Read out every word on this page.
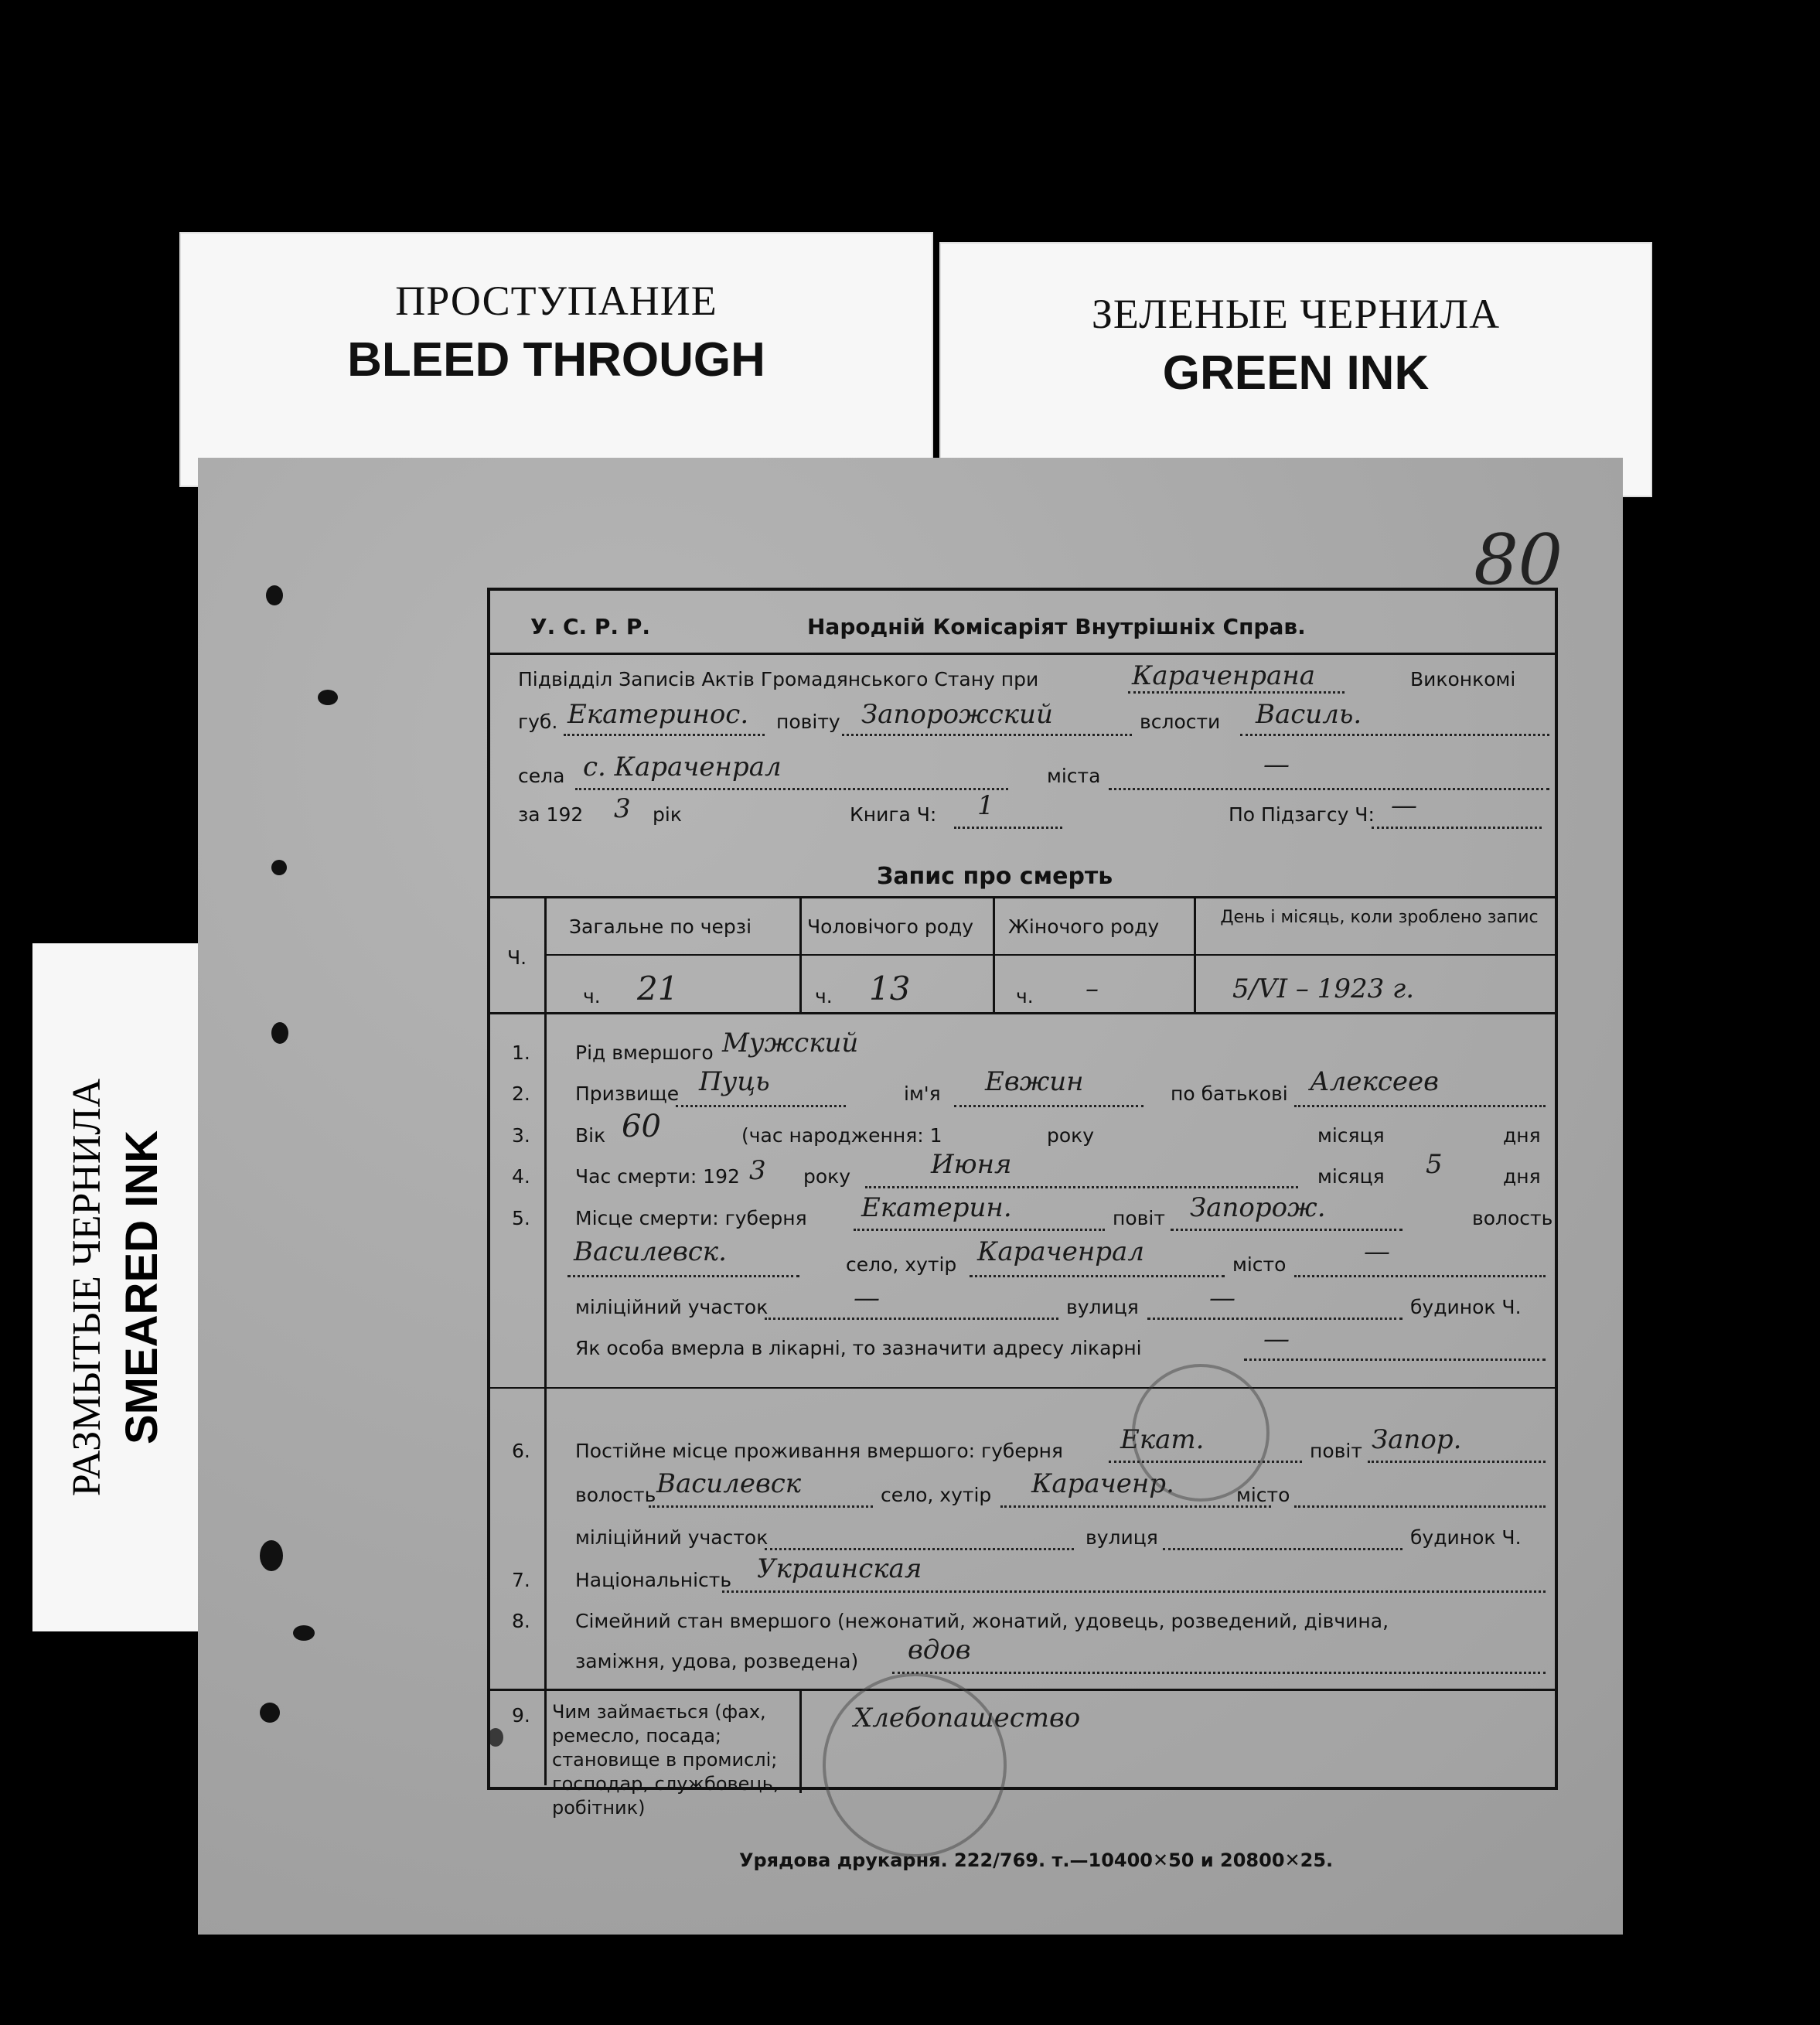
ПРОСТУПАНИЕ
BLEED THROUGH
ЗЕЛЕНЫЕ ЧЕРНИЛА
GREEN INK
РАЗМЫТЫЕ ЧЕРНИЛА SMEARED INK
80
У. С. Р. Р.	Народній Комісаріят Внутрішніх Справ.
Підвідділ Записів Актів Громадянського Стану при	Караченрана	Виконкомі
губ. Екатеринос. повіту Запорожский	вслости Василь.
села с. Караченрал	міста	—
за 192 3 рік	Книга Ч: 1	По Підзагсу Ч: —
Запис про смерть
Ч.
Загальне по черзі	Чоловічого роду Жіночого роду	День і місяць, коли зроблено запис
ч. 21	ч. 13	ч. –	5/VI – 1923 г.
1. Рід вмершого Мужский
2. Призвище Пуць	ім'я Евжин	по батькові Алексеев
3. Вік 60	(час народження: 1	року	місяця	дня
4. Час смерти: 192 3 року	Июня	місяця 5	дня
5. Місце смерти: губерня Екатерин.	повіт Запорож.	волость
Василевск.	село, хутір Караченрал	місто	—
міліційний участок	—	вулиця	—	будинок Ч.
Як особа вмерла в лікарні, то зазначити адресу лікарні	—
6. Постійне місце проживання вмершого: губерня Екат.	повіт Запор.
волость Василевск	село, хутір Караченр.	місто
міліційний участок	вулиця	будинок Ч.
7. Національність Украинская
8. Сімейний стан вмершого (нежонатий, жонатий, удовець, розведений, дівчина,
заміжня, удова, розведена) вдов
9. Чим займається (фах, ремесло, посада; становище в промислі; господар, службовець, робітник)
Хлебопашество
Урядова друкарня. 222/769. т.—10400✕50 и 20800✕25.
